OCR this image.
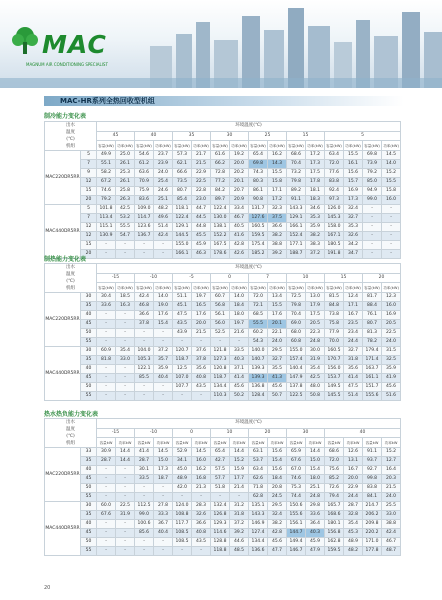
MAC
MAGNUM AIR CONDITIONING SPECIALIST
MAC-HR系列全热回收型机组
制冷能力变化表
出水
温度
(℃)
机组		环境温度(℃)															
		45		40		35		30		25		15		5			
		容量(kW)	功率(kW)	容量(kW)	功率(kW)	容量(kW)	功率(kW)	容量(kW)	功率(kW)	容量(kW)	功率(kW)	容量(kW)	功率(kW)	容量(kW)	功率(kW)	容量(kW)	功率(kW)
MAC220DR5RR	5	49.9	25.0	54.6	23.7	57.3	21.7	61.6	19.2	65.4	16.2	68.6	17.2	63.4	15.5	69.8	14.5
	7	55.1	26.1	61.2	23.9	62.1	21.5	66.2	20.0	69.8	14.3	70.4	17.3	72.0	16.1	73.9	14.0
	9	58.2	25.3	63.6	24.0	66.6	22.9	72.8	20.2	74.3	15.5	73.2	17.5	77.6	15.6	79.2	15.2
	12	67.2	26.1	70.9	25.4	73.5	22.5	77.2	20.1	80.3	15.8	79.8	17.8	83.8	15.7	85.0	15.5
	15	74.6	25.8	75.9	24.6	80.7	22.8	84.2	20.7	86.1	17.1	89.2	18.1	92.4	16.9	94.9	15.8
	20	79.2	26.3	83.6	25.1	85.4	23.0	89.7	20.9	90.8	17.2	91.1	18.3	97.3	17.3	99.0	16.0
MAC440DR5RR	5	101.8	42.5	109.0	48.2	118.1	44.7	122.4	33.4	131.7	32.3	143.3	34.6	126.0	32.4	-	-
	7	113.4	53.2	114.7	49.6	122.4	44.5	130.0	46.7	127.6	37.5	129.1	35.3	145.3	32.7	-	-
	12	115.1	55.5	123.6	51.4	129.1	44.8	138.1	40.5	160.5	36.6	166.1	35.9	158.0	35.3	-	-
	12	130.9	54.7	136.7	42.4	144.5	45.5	152.2	41.6	159.5	38.2	152.4	38.2	167.1	32.6	-	-
	15	-	-	-	-	155.0	45.9	167.5	42.8	175.4	38.8	177.1	38.3	180.5	34.2	-	-
	20	-	-	-	-	166.1	46.3	178.6	42.6	185.2	39.2	188.7	37.2	191.8	34.7	-	-
制热能力变化表
出水
温度
(℃)
机组		环境温度(℃)															
		-15		-10		-5		0		7		10		15		20	
		容量(kW)	功率(kW)	容量(kW)	功率(kW)	容量(kW)	功率(kW)	容量(kW)	功率(kW)	容量(kW)	功率(kW)	容量(kW)	功率(kW)	容量(kW)	功率(kW)	容量(kW)	功率(kW)
MAC220DR5RR	30	30.4	18.5	42.4	14.0	51.1	19.7	60.7	14.0	72.0	13.4	72.5	13.0	81.5	12.4	81.7	12.3
	35	33.6	16.3	46.8	19.0	45.1	16.5	56.8	18.4	72.1	15.5	79.8	17.9	84.8	17.1	88.4	16.0
	40	-	-	36.6	17.6	47.5	17.6	56.1	18.0	68.5	17.6	70.4	17.5	73.8	16.7	76.1	16.9
	45	-	-	37.8	15.4	43.5	20.0	56.0	19.7	55.5	20.1	69.0	20.5	75.8	23.5	80.7	20.5
	50	-	-	-	-	43.9	21.5	52.5	21.6	60.2	22.1	68.0	22.3	77.9	23.4	81.3	22.5
	55	-	-	-	-	-	-	-	-	54.3	24.0	60.8	24.8	70.0	24.4	78.2	24.0
MAC440DR5RR	30	60.9	35.4	104.0	37.2	120.7	37.6	121.8	33.5	140.0	29.5	155.0	30.0	160.5	32.7	179.4	31.5
	35	81.8	33.0	105.3	35.7	118.7	37.8	127.3	40.3	140.7	32.7	157.4	31.9	170.7	31.8	171.4	32.5
	40	-	-	122.1	35.9	12.5	35.6	120.8	37.1	139.3	35.5	140.4	35.4	156.0	35.6	163.7	35.9
	45	-	-	85.5	40.4	107.0	40.8	118.7	41.4	139.3	41.3	147.9	42.5	153.7	41.4	161.1	41.9
	50	-	-	-	-	107.7	43.5	134.4	45.6	136.8	45.6	137.8	48.0	149.5	47.5	151.7	45.6
	55	-	-	-	-	-	-	110.3	50.2	128.4	50.7	122.5	50.8	145.5	51.4	155.6	51.6
热水热负能力变化表
出水
温度
(℃)
机组		环境温度(℃)															
		-15		-10		0		10		20		30		40			
		容量kW	功率kW	容量kW	功率kW	容量kW	功率kW	容量kW	功率kW	容量kW	功率kW	容量kW	功率kW	容量kW	功率kW	容量kW	功率kW
MAC220DR5RR	33	30.9	14.4	41.4	14.5	52.9	14.5	65.4	14.4	63.1	15.6	65.9	14.4	68.6	12.6	91.1	15.2
	35	28.7	14.4	28.7	15.0	34.1	16.0	42.7	15.2	53.7	15.4	67.6	15.0	72.0	13.1	93.7	12.7
	40	-	-	30.1	17.3	45.0	16.2	57.5	15.9	63.4	15.6	67.0	15.4	75.6	16.7	92.7	16.4
	45	-	-	33.5	18.7	48.9	16.8	57.7	17.7	62.6	18.4	74.6	18.0	85.2	20.0	99.8	20.3
	50	-	-	-	-	42.0	21.3	51.8	21.4	71.8	20.8	75.3	25.1	72.6	22.9	83.8	21.5
	55	-	-	-	-	-	-	-	-	62.8	24.5	74.4	24.8	79.4	24.4	84.1	24.0
MAC440DR5RR	30	60.0	22.5	112.5	27.8	124.0	28.3	132.4	31.2	135.1	29.5	150.6	29.8	165.7	28.7	214.7	25.5
	35	67.6	31.9	99.0	33.3	108.8	32.6	126.8	31.8	143.3	32.4	155.6	33.6	168.6	32.8	206.2	33.0
	40	-	-	100.6	36.7	117.7	36.6	129.3	37.2	146.9	38.2	156.1	36.4	180.1	35.4	209.8	38.8
	45	-	-	85.6	40.4	108.5	40.8	114.6	39.2	127.4	42.8	144.7	40.3	156.8	45.3	220.2	42.4
	50	-	-	-	-	108.5	43.5	128.8	44.6	134.4	45.6	149.4	45.9	162.8	48.9	171.0	46.7
	55	-	-	-	-	-	-	118.8	48.5	136.6	47.7	146.7	47.9	159.5	48.2	177.8	48.7
20
